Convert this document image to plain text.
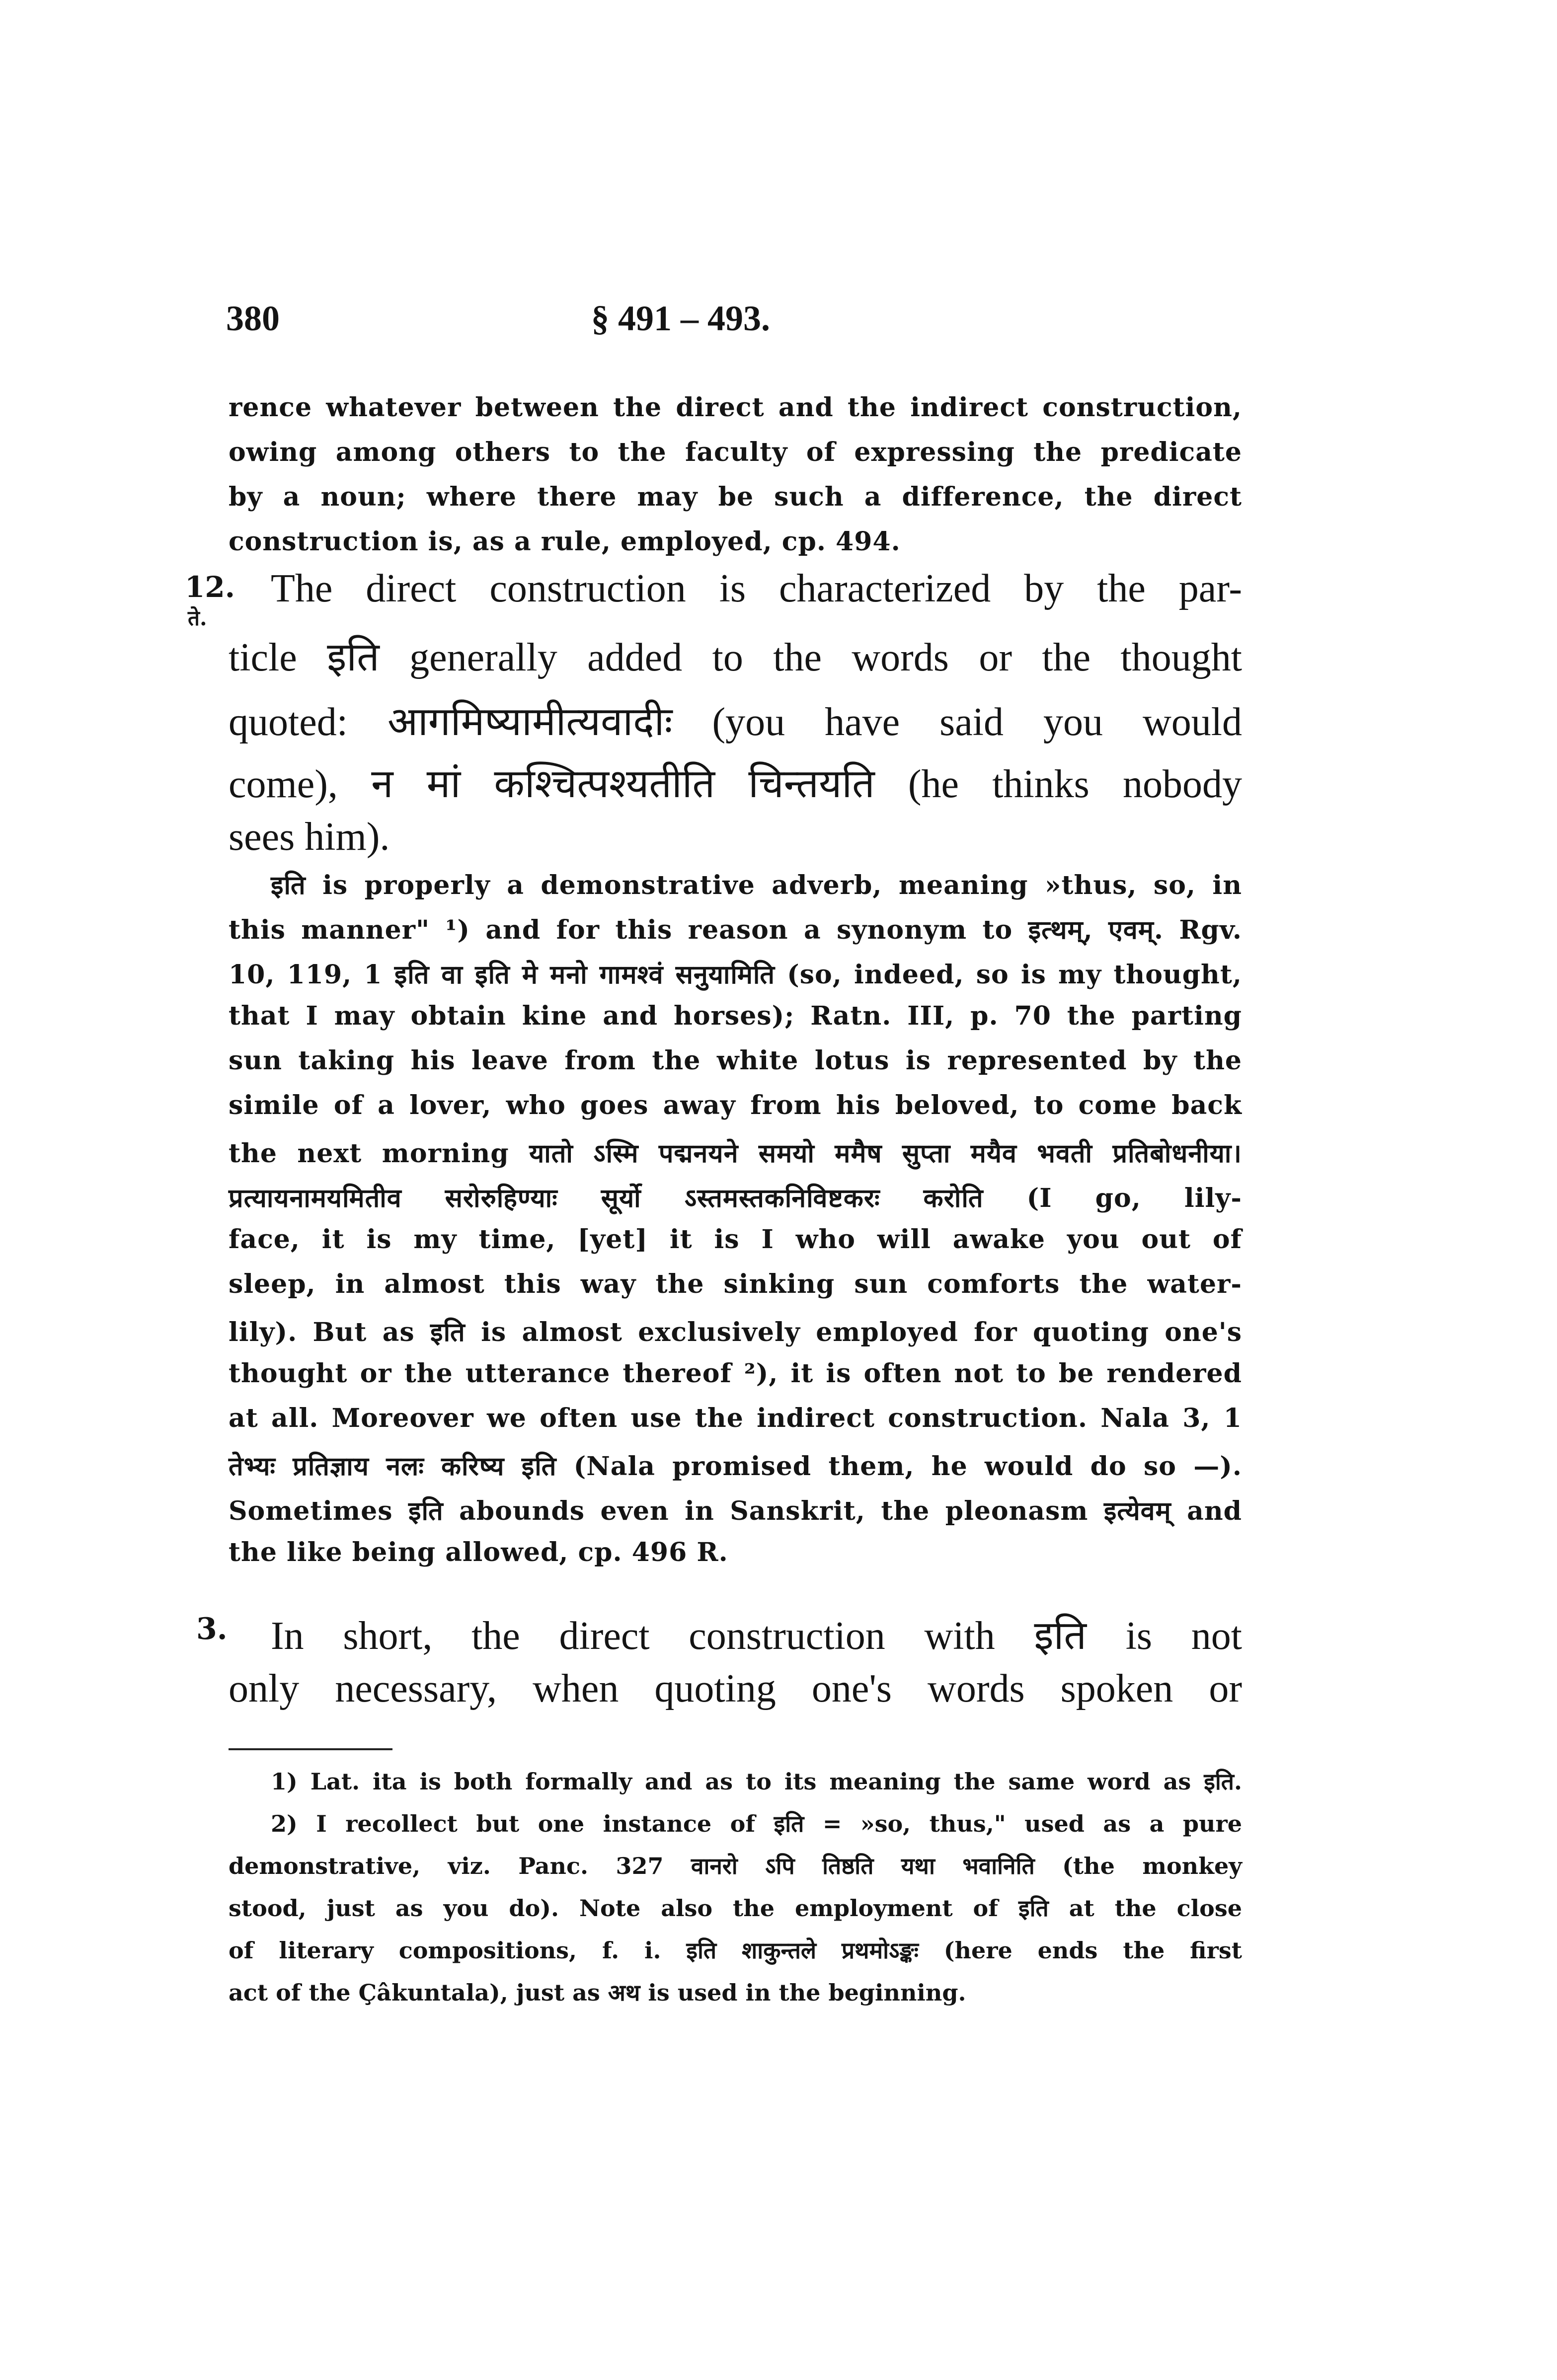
380	§ 491 – 493.
12.
ते.
3.

rence whatever between the direct and the indirect construction,

owing among others to the faculty of expressing the predicate

by a noun; where there may be such a difference, the direct

construction is, as a rule, employed, cp. 494.

The direct construction is characterized by the par-

ticle इति generally added to the words or the thought

quoted: आगमिष्यामीत्यवादीः (you have said you would

come), न मां कश्चित्पश्यतीति चिन्तयति (he thinks nobody

sees him).

इति is properly a demonstrative adverb, meaning »thus, so, in

this manner" ¹) and for this reason a synonym to इत्थम्, एवम्. Rgv.

10, 119, 1 इति वा इति मे मनो गामश्वं सनुयामिति (so, indeed, so is my thought,

that I may obtain kine and horses); Ratn. III, p. 70 the parting

sun taking his leave from the white lotus is represented by the

simile of a lover, who goes away from his beloved, to come back

the next morning यातो ऽस्मि पद्मनयने समयो ममैष सुप्ता मयैव भवती प्रतिबोधनीया।

प्रत्यायनामयमितीव सरोरुहिण्याः सूर्यो ऽस्तमस्तकनिविष्टकरः करोति (I go, lily-

face, it is my time, [yet] it is I who will awake you out of

sleep, in almost this way the sinking sun comforts the water-

lily). But as इति is almost exclusively employed for quoting one's

thought or the utterance thereof ²), it is often not to be rendered

at all. Moreover we often use the indirect construction. Nala 3, 1

तेभ्यः प्रतिज्ञाय नलः करिष्य इति (Nala promised them, he would do so —).

Sometimes इति abounds even in Sanskrit, the pleonasm इत्येवम् and

the like being allowed, cp. 496 R.

In short, the direct construction with इति is not

only necessary, when quoting one's words spoken or

1) Lat. ita is both formally and as to its meaning the same word as इति.

2) I recollect but one instance of इति = »so, thus," used as a pure

demonstrative, viz. Panc. 327 वानरो ऽपि तिष्ठति यथा भवानिति (the monkey

stood, just as you do). Note also the employment of इति at the close

of literary compositions, f. i. इति शाकुन्तले प्रथमोऽङ्कः (here ends the first

act of the Çâkuntala), just as अथ is used in the beginning.
